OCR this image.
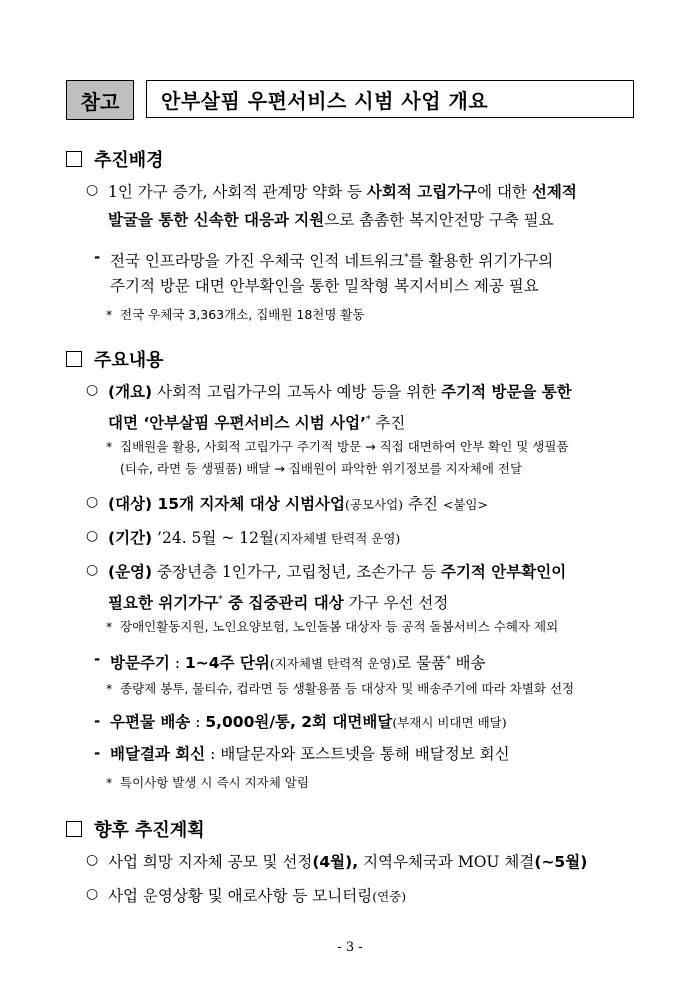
참고	안부살핌 우편서비스 시범 사업 개요
추진배경
○ 1인 가구 증가, 사회적 관계망 약화 등 사회적 고립가구에 대한 선제적
발굴을 통한 신속한 대응과 지원으로 촘촘한 복지안전망 구축 필요
- 전국 인프라망을 가진 우체국 인적 네트워크*를 활용한 위기가구의
주기적 방문 대면 안부확인을 통한 밀착형 복지서비스 제공 필요
* 전국 우체국 3,363개소, 집배원 18천명 활동
주요내용
○ (개요) 사회적 고립가구의 고독사 예방 등을 위한 주기적 방문을 통한
대면 ‘안부살핌 우편서비스 시범 사업’* 추진
* 집배원을 활용, 사회적 고립가구 주기적 방문 → 직접 대면하여 안부 확인 및 생필품
(티슈, 라면 등 생필품) 배달 → 집배원이 파악한 위기정보를 지자체에 전달
○ (대상) 15개 지자체 대상 시범사업(공모사업) 추진 <붙임>
○ (기간) ’24. 5월 ~ 12월(지자체별 탄력적 운영)
○ (운영) 중장년층 1인가구, 고립청년, 조손가구 등 주기적 안부확인이
필요한 위기가구* 중 집중관리 대상 가구 우선 선정
* 장애인활동지원, 노인요양보험, 노인돌봄 대상자 등 공적 돌봄서비스 수혜자 제외
- 방문주기 : 1~4주 단위(지자체별 탄력적 운영)로 물품* 배송
* 종량제 봉투, 물티슈, 컵라면 등 생활용품 등 대상자 및 배송주기에 따라 차별화 선정
- 우편물 배송 : 5,000원/통, 2회 대면배달(부재시 비대면 배달)
- 배달결과 회신 : 배달문자와 포스트넷을 통해 배달정보 회신
* 특이사항 발생 시 즉시 지자체 알림
향후 추진계획
○ 사업 희망 지자체 공모 및 선정(4월), 지역우체국과 MOU 체결(~5월)
○ 사업 운영상황 및 애로사항 등 모니터링(연중)
- 3 -
